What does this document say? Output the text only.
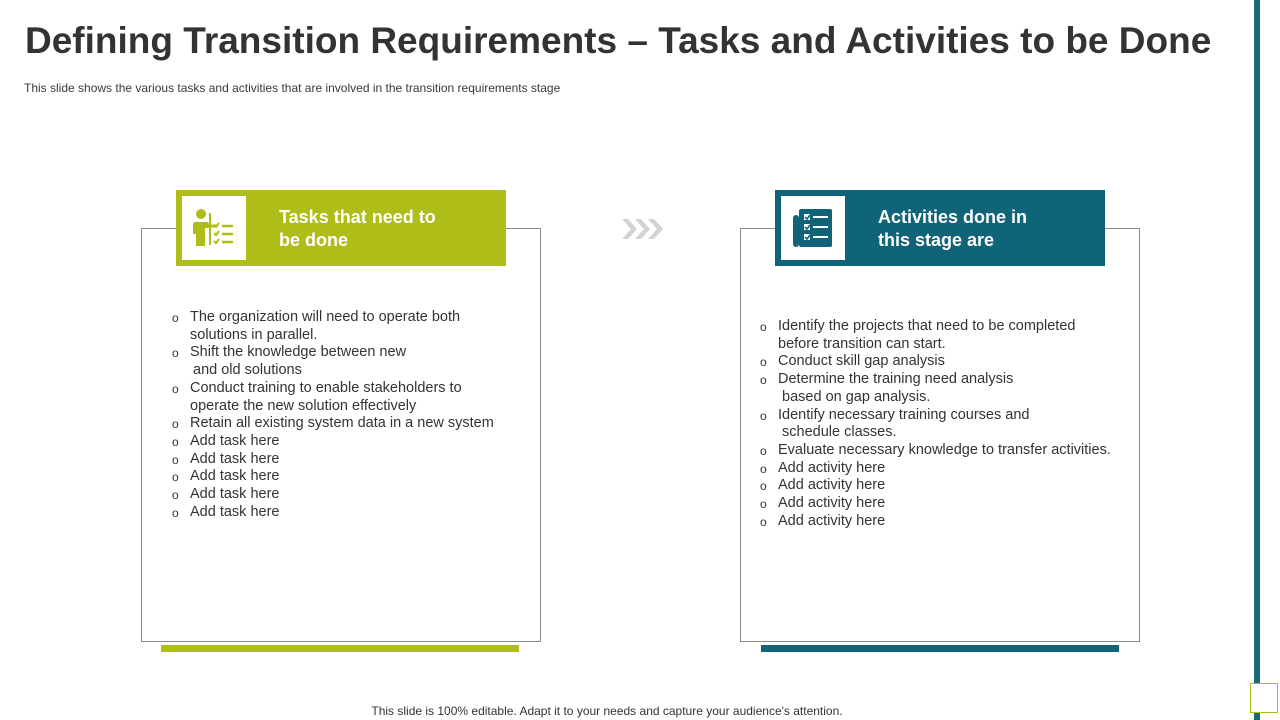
Defining Transition Requirements – Tasks and Activities to be Done

This slide shows the various tasks and activities that are involved in the transition requirements stage

Tasks that need to
be done
o The organization will need to operate both
solutions in parallel.
o Shift the knowledge between new
and old solutions
o Conduct training to enable stakeholders to
operate the new solution effectively
o Retain all existing system data in a new system
o Add task here
o Add task here
o Add task here
o Add task here
o Add task here
Activities done in
this stage are
o Identify the projects that need to be completed
before transition can start.
o Conduct skill gap analysis
o Determine the training need analysis
based on gap analysis.
o Identify necessary training courses and
schedule classes.
o Evaluate necessary knowledge to transfer activities.
o Add activity here
o Add activity here
o Add activity here
o Add activity here

This slide is 100% editable. Adapt it to your needs and capture your audience's attention.
